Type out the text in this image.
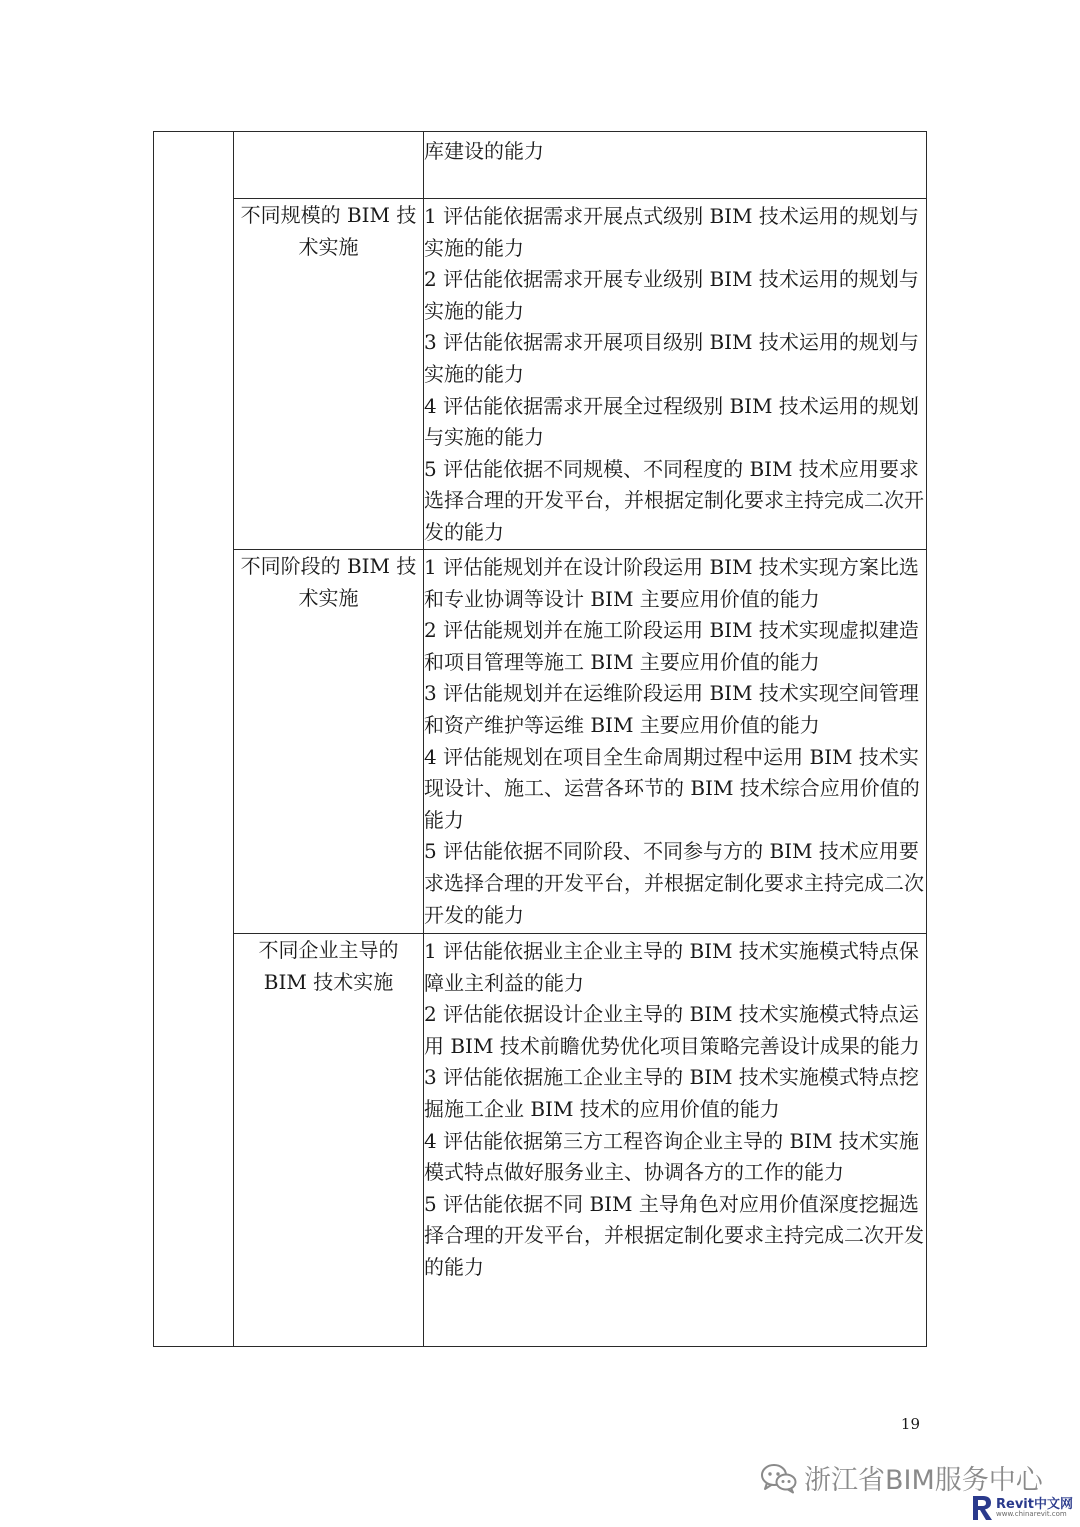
		库建设的能力

	不同规模的 BIM 技术实施	1 评估能依据需求开展点式级别 BIM 技术运用的规划与实施的能力

2 评估能依据需求开展专业级别 BIM 技术运用的规划与实施的能力

3 评估能依据需求开展项目级别 BIM 技术运用的规划与实施的能力

4 评估能依据需求开展全过程级别 BIM 技术运用的规划与实施的能力

5 评估能依据不同规模、不同程度的 BIM 技术应用要求选择合理的开发平台，并根据定制化要求主持完成二次开发的能力

	不同阶段的 BIM 技术实施	1 评估能规划并在设计阶段运用 BIM 技术实现方案比选和专业协调等设计 BIM 主要应用价值的能力

2 评估能规划并在施工阶段运用 BIM 技术实现虚拟建造和项目管理等施工 BIM 主要应用价值的能力

3 评估能规划并在运维阶段运用 BIM 技术实现空间管理和资产维护等运维 BIM 主要应用价值的能力

4 评估能规划在项目全生命周期过程中运用 BIM 技术实现设计、施工、运营各环节的 BIM 技术综合应用价值的能力

5 评估能依据不同阶段、不同参与方的 BIM 技术应用要求选择合理的开发平台，并根据定制化要求主持完成二次开发的能力

	不同企业主导的 BIM 技术实施	1 评估能依据业主企业主导的 BIM 技术实施模式特点保障业主利益的能力

2 评估能依据设计企业主导的 BIM 技术实施模式特点运用 BIM 技术前瞻优势优化项目策略完善设计成果的能力

3 评估能依据施工企业主导的 BIM 技术实施模式特点挖掘施工企业 BIM 技术的应用价值的能力

4 评估能依据第三方工程咨询企业主导的 BIM 技术实施模式特点做好服务业主、协调各方的工作的能力

5 评估能依据不同 BIM 主导角色对应用价值深度挖掘选择合理的开发平台，并根据定制化要求主持完成二次开发的能力

19
浙江省BIM服务中心
Revit中文网
www.chinarevit.com
